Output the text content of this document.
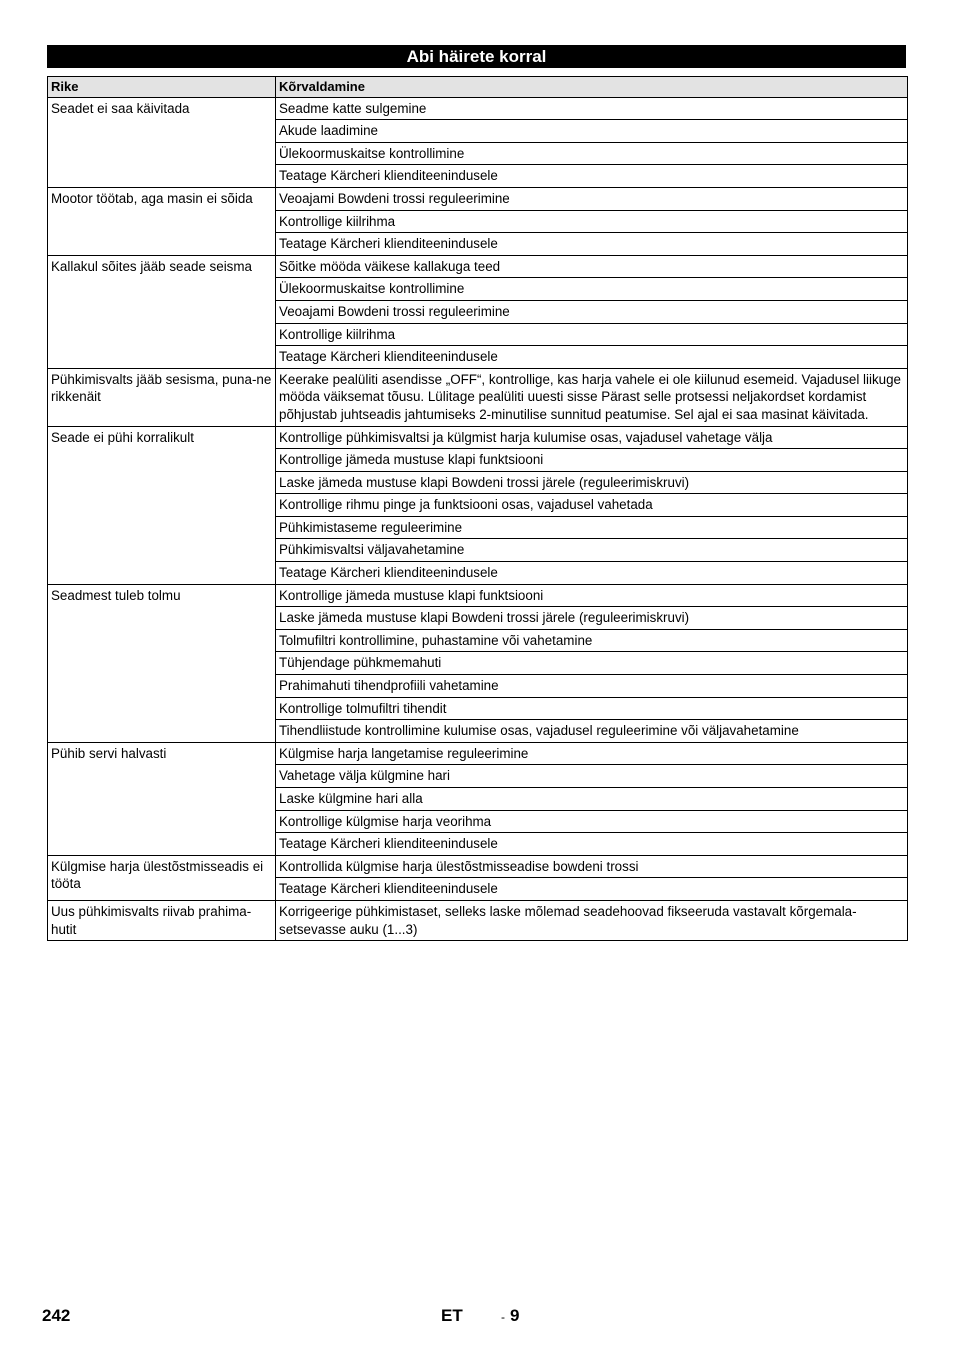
Abi häirete korral
Rike	Kõrvaldamine
Seadet ei saa käivitada	Seadme katte sulgemine
	Akude laadimine
	Ülekoormuskaitse kontrollimine
	Teatage Kärcheri klienditeenindusele
Mootor töötab, aga masin ei sõida	Veoajami Bowdeni trossi reguleerimine
	Kontrollige kiilrihma
	Teatage Kärcheri klienditeenindusele
Kallakul sõites jääb seade seisma	Sõitke mööda väikese kallakuga teed
	Ülekoormuskaitse kontrollimine
	Veoajami Bowdeni trossi reguleerimine
	Kontrollige kiilrihma
	Teatage Kärcheri klienditeenindusele
Pühkimisvalts jääb sesisma, puna-ne rikkenäit	Keerake pealüliti asendisse „OFF“, kontrollige, kas harja vahele ei ole kiilunud esemeid. Vajadusel liikuge mööda väiksemat tõusu. Lülitage pealüliti uuesti sisse Pärast selle protsessi neljakordset kordamist põhjustab juhtseadis jahtumiseks 2-minutilise sunnitud peatumise. Sel ajal ei saa masinat käivitada.
Seade ei pühi korralikult	Kontrollige pühkimisvaltsi ja külgmist harja kulumise osas, vajadusel vahetage välja
	Kontrollige jämeda mustuse klapi funktsiooni
	Laske jämeda mustuse klapi Bowdeni trossi järele (reguleerimiskruvi)
	Kontrollige rihmu pinge ja funktsiooni osas, vajadusel vahetada
	Pühkimistaseme reguleerimine
	Pühkimisvaltsi väljavahetamine
	Teatage Kärcheri klienditeenindusele
Seadmest tuleb tolmu	Kontrollige jämeda mustuse klapi funktsiooni
	Laske jämeda mustuse klapi Bowdeni trossi järele (reguleerimiskruvi)
	Tolmufiltri kontrollimine, puhastamine või vahetamine
	Tühjendage pühkmemahuti
	Prahimahuti tihendprofiili vahetamine
	Kontrollige tolmufiltri tihendit
	Tihendliistude kontrollimine kulumise osas, vajadusel reguleerimine või väljavahetamine
Pühib servi halvasti	Külgmise harja langetamise reguleerimine
	Vahetage välja külgmine hari
	Laske külgmine hari alla
	Kontrollige külgmise harja veorihma
	Teatage Kärcheri klienditeenindusele
Külgmise harja ülestõstmisseadis ei tööta	Kontrollida külgmise harja ülestõstmisseadise bowdeni trossi
	Teatage Kärcheri klienditeenindusele
Uus pühkimisvalts riivab prahima-hutit	Korrigeerige pühkimistaset, selleks laske mõlemad seadehoovad fikseeruda vastavalt kõrgemala-setsevasse auku (1...3)
242	ET	- 9
